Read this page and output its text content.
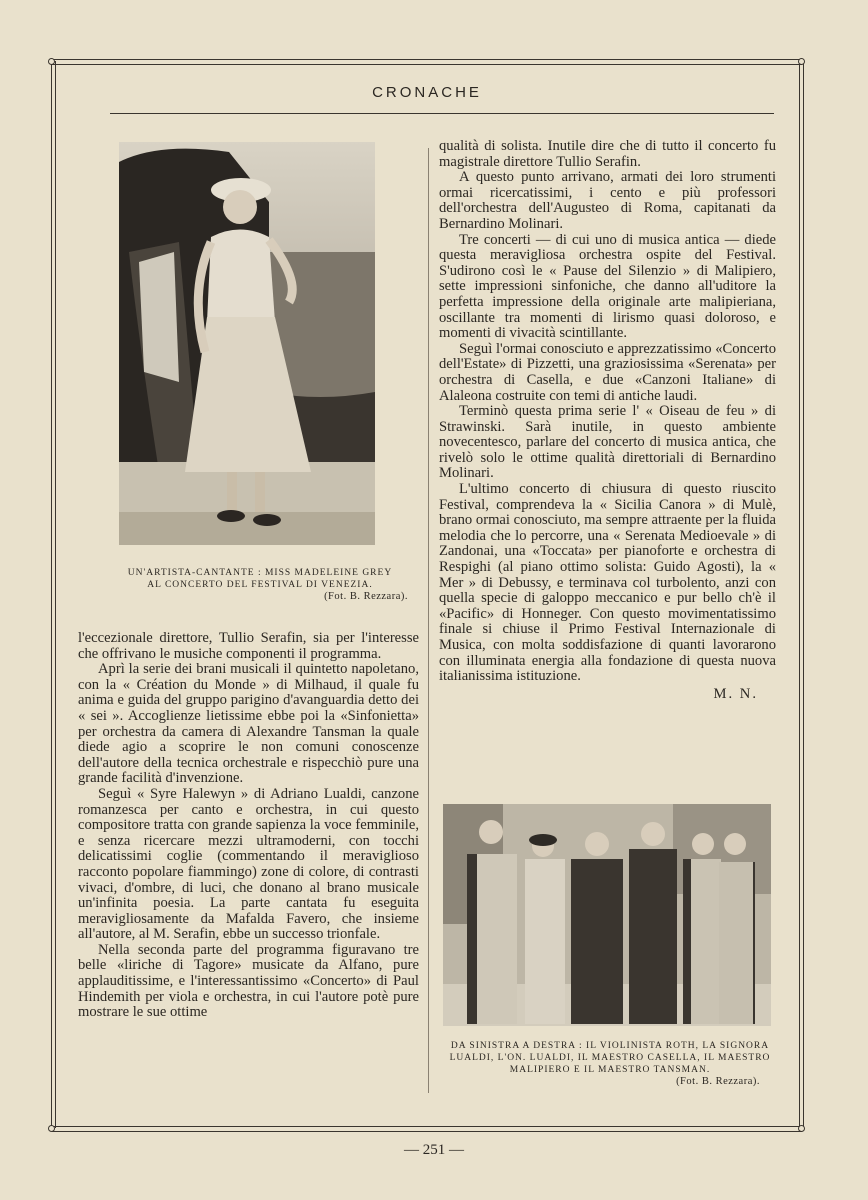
CRONACHE
UN'ARTISTA-CANTANTE : MISS MADELEINE GREY
AL CONCERTO DEL FESTIVAL DI VENEZIA.
(Fot. B. Rezzara).

l'eccezionale direttore, Tullio Serafin, sia per l'interesse che offrivano le musiche componenti il programma.

Aprì la serie dei brani musicali il quintetto napoletano, con la « Création du Monde » di Milhaud, il quale fu anima e guida del gruppo parigino d'avanguardia detto dei « sei ». Accoglienze lietissime ebbe poi la «Sinfonietta» per orchestra da camera di Alexandre Tansman la quale diede agio a scoprire le non comuni conoscenze dell'autore della tecnica orchestrale e rispecchiò pure una grande facilità d'invenzione.

Seguì « Syre Halewyn » di Adriano Lualdi, canzone romanzesca per canto e orchestra, in cui questo compositore tratta con grande sapienza la voce femminile, e senza ricercare mezzi ultramoderni, con tocchi delicatissimi coglie (commentando il meraviglioso racconto popolare fiammingo) zone di colore, di contrasti vivaci, d'ombre, di luci, che donano al brano musicale un'infinita poesia. La parte cantata fu eseguita meravigliosamente da Mafalda Favero, che insieme all'autore, al M. Serafin, ebbe un successo trionfale.

Nella seconda parte del programma figuravano tre belle «liriche di Tagore» musicate da Alfano, pure applauditissime, e l'interessantissimo «Concerto» di Paul Hindemith per viola e orchestra, in cui l'autore potè pure mostrare le sue ottime

qualità di solista. Inutile dire che di tutto il concerto fu magistrale direttore Tullio Serafin.

A questo punto arrivano, armati dei loro strumenti ormai ricercatissimi, i cento e più professori dell'orchestra dell'Augusteo di Roma, capitanati da Bernardino Molinari.

Tre concerti — di cui uno di musica antica — diede questa meravigliosa orchestra ospite del Festival. S'udirono così le « Pause del Silenzio » di Malipiero, sette impressioni sinfoniche, che danno all'uditore la perfetta impressione della originale arte malipieriana, oscillante tra momenti di lirismo quasi doloroso, e momenti di vivacità scintillante.

Seguì l'ormai conosciuto e apprezzatissimo «Concerto dell'Estate» di Pizzetti, una graziosissima «Serenata» per orchestra di Casella, e due «Canzoni Italiane» di Alaleona costruite con temi di antiche laudi.

Terminò questa prima serie l' « Oiseau de feu » di Strawinski. Sarà inutile, in questo ambiente novecentesco, parlare del concerto di musica antica, che rivelò solo le ottime qualità direttoriali di Bernardino Molinari.

L'ultimo concerto di chiusura di questo riuscito Festival, comprendeva la « Sicilia Canora » di Mulè, brano ormai conosciuto, ma sempre attraente per la fluida melodia che lo percorre, una « Serenata Medioevale » di Zandonai, una «Toccata» per pianoforte e orchestra di Respighi (al piano ottimo solista: Guido Agosti), la « Mer » di Debussy, e terminava col turbolento, anzi con quella specie di galoppo meccanico e pur bello ch'è il «Pacific» di Honneger. Con questo movimentatissimo finale si chiuse il Primo Festival Internazionale di Musica, con molta soddisfazione di quanti lavorarono con illuminata energia alla fondazione di questa nuova italianissima istituzione.

M. N.
DA SINISTRA A DESTRA : IL VIOLINISTA ROTH, LA SIGNORA
LUALDI, L'ON. LUALDI, IL MAESTRO CASELLA, IL MAESTRO
MALIPIERO E IL MAESTRO TANSMAN.
(Fot. B. Rezzara).
— 251 —
